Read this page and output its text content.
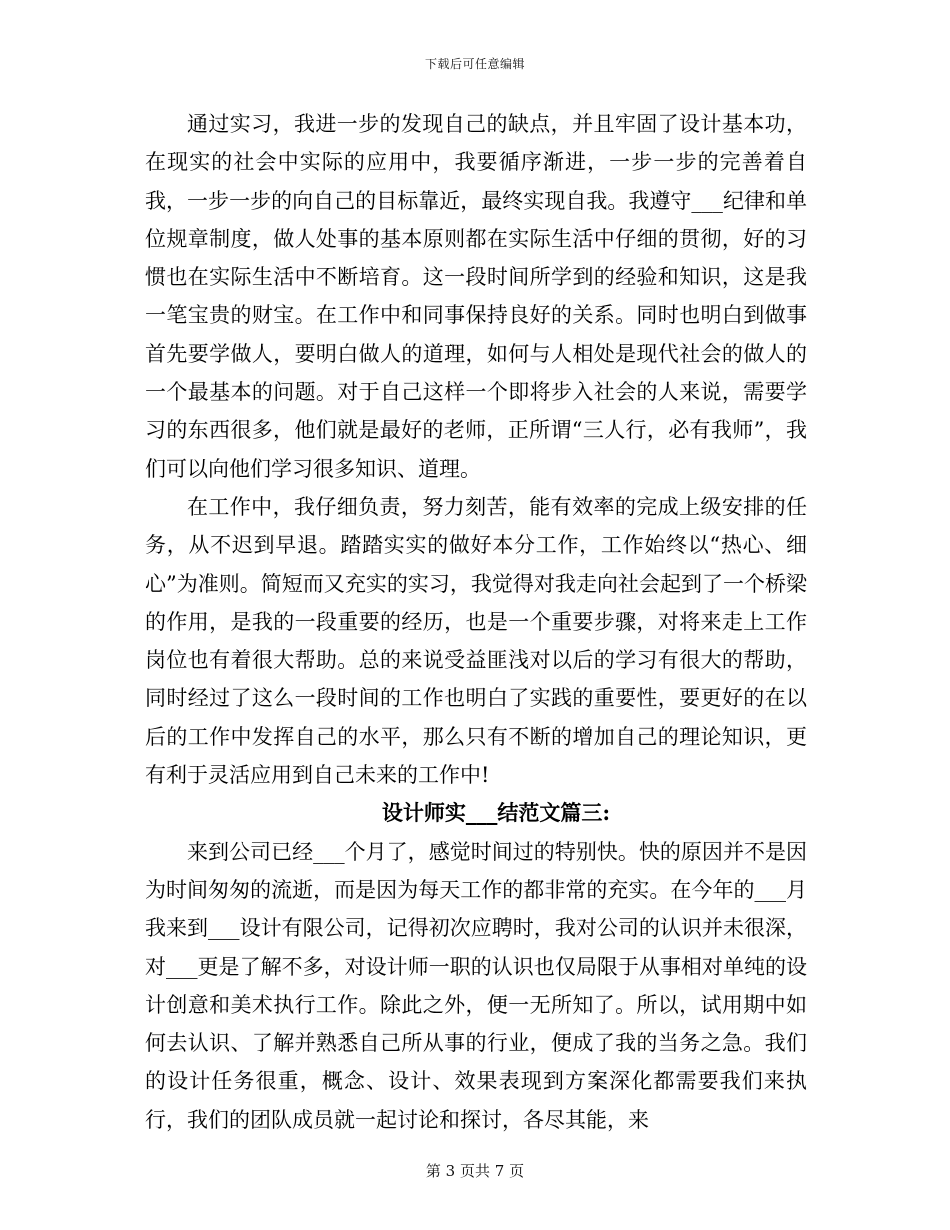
下载后可任意编辑

通过实习，我进一步的发现自己的缺点，并且牢固了设计基本功，在现实的社会中实际的应用中，我要循序渐进，一步一步的完善着自我，一步一步的向自己的目标靠近，最终实现自我。我遵守___纪律和单位规章制度，做人处事的基本原则都在实际生活中仔细的贯彻，好的习惯也在实际生活中不断培育。这一段时间所学到的经验和知识，这是我一笔宝贵的财宝。在工作中和同事保持良好的关系。同时也明白到做事首先要学做人，要明白做人的道理，如何与人相处是现代社会的做人的一个最基本的问题。对于自己这样一个即将步入社会的人来说，需要学习的东西很多，他们就是最好的老师，正所谓“三人行，必有我师”，我们可以向他们学习很多知识、道理。

在工作中，我仔细负责，努力刻苦，能有效率的完成上级安排的任务，从不迟到早退。踏踏实实的做好本分工作，工作始终以“热心、细心”为准则。简短而又充实的实习，我觉得对我走向社会起到了一个桥梁的作用，是我的一段重要的经历，也是一个重要步骤，对将来走上工作岗位也有着很大帮助。总的来说受益匪浅对以后的学习有很大的帮助，同时经过了这么一段时间的工作也明白了实践的重要性，要更好的在以后的工作中发挥自己的水平，那么只有不断的增加自己的理论知识，更有利于灵活应用到自己未来的工作中!

设计师实___结范文篇三:

来到公司已经___个月了，感觉时间过的特别快。快的原因并不是因为时间匆匆的流逝，而是因为每天工作的都非常的充实。在今年的___月我来到___设计有限公司，记得初次应聘时，我对公司的认识并未很深，对___更是了解不多，对设计师一职的认识也仅局限于从事相对单纯的设计创意和美术执行工作。除此之外，便一无所知了。所以，试用期中如何去认识、了解并熟悉自己所从事的行业，便成了我的当务之急。我们的设计任务很重，概念、设计、效果表现到方案深化都需要我们来执行，我们的团队成员就一起讨论和探讨，各尽其能，来

第 3 页共 7 页
